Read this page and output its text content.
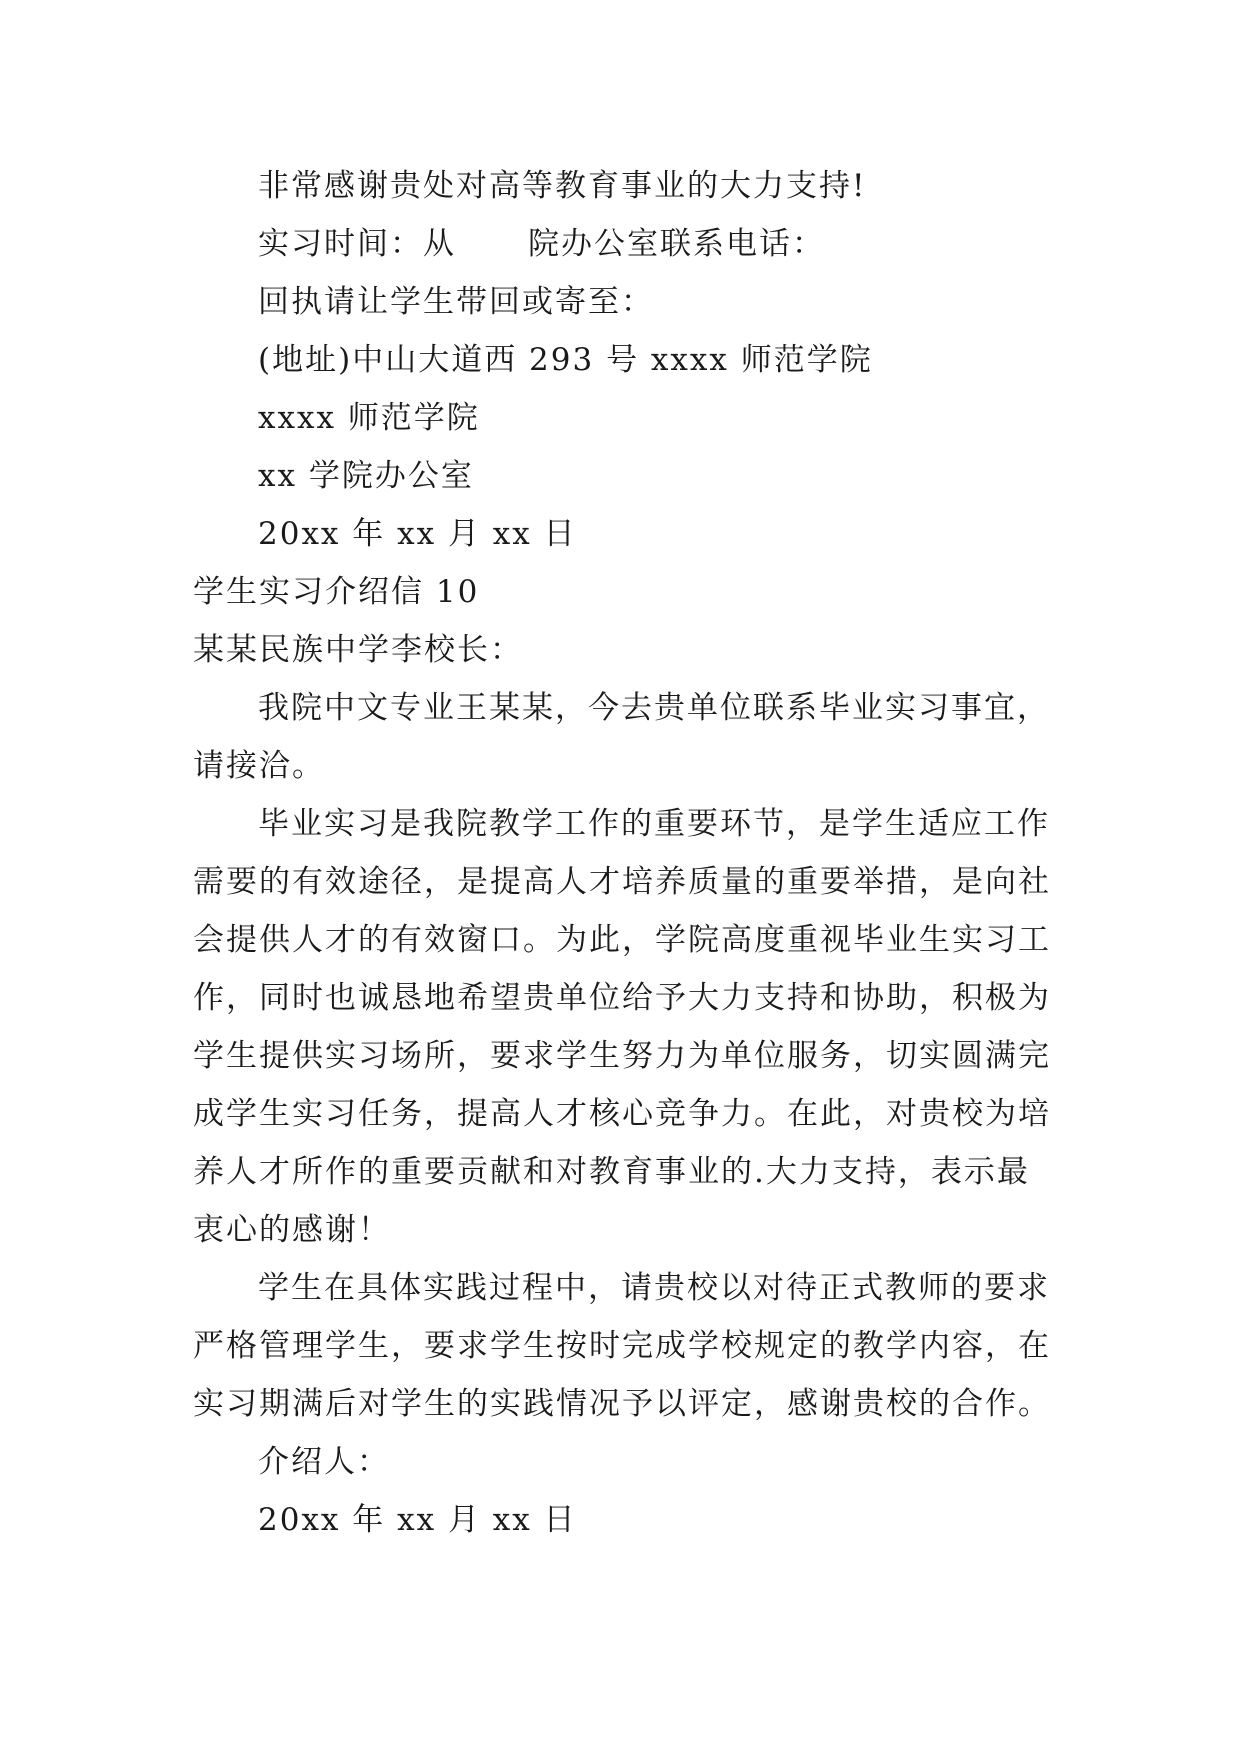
非常感谢贵处对高等教育事业的大力支持!
实习时间：从 院办公室联系电话：
回执请让学生带回或寄至：
(地址)中山大道西 293 号 xxxx 师范学院
xxxx 师范学院
xx 学院办公室
20xx 年 xx 月 xx 日
学生实习介绍信 10
某某民族中学李校长：
我院中文专业王某某，今去贵单位联系毕业实习事宜，
请接洽。
毕业实习是我院教学工作的重要环节，是学生适应工作
需要的有效途径，是提高人才培养质量的重要举措，是向社
会提供人才的有效窗口。为此，学院高度重视毕业生实习工
作，同时也诚恳地希望贵单位给予大力支持和协助，积极为
学生提供实习场所，要求学生努力为单位服务，切实圆满完
成学生实习任务，提高人才核心竞争力。在此，对贵校为培
养人才所作的重要贡献和对教育事业的.大力支持，表示最
衷心的感谢！
学生在具体实践过程中，请贵校以对待正式教师的要求
严格管理学生，要求学生按时完成学校规定的教学内容，在
实习期满后对学生的实践情况予以评定，感谢贵校的合作。
介绍人：
20xx 年 xx 月 xx 日
